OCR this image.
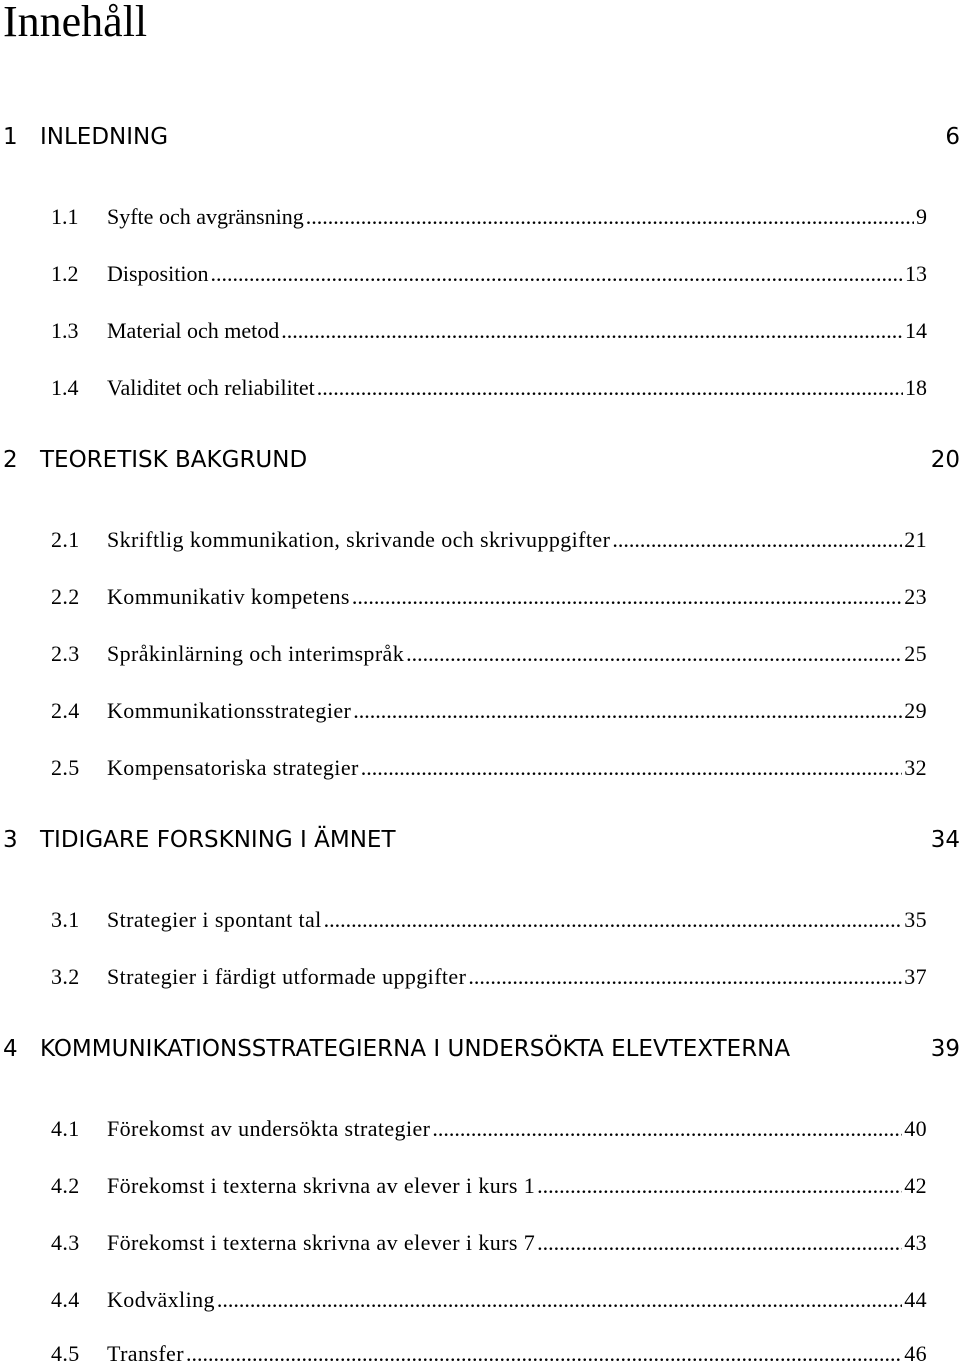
Innehåll
1 INLEDNING	6
1.1	Syfte och avgränsning .....	9
1.2	Disposition .....	13
1.3	Material och metod .....	14
1.4	Validitet och reliabilitet .....	18
2 TEORETISK BAKGRUND	20
2.1	Skriftlig kommunikation, skrivande och skrivuppgifter .....	21
2.2	Kommunikativ kompetens .....	23
2.3	Språkinlärning och interimspråk .....	25
2.4	Kommunikationsstrategier .....	29
2.5	Kompensatoriska strategier .....	32
3 TIDIGARE FORSKNING I ÄMNET	34
3.1	Strategier i spontant tal .....	35
3.2	Strategier i färdigt utformade uppgifter .....	37
4 KOMMUNIKATIONSSTRATEGIERNA I UNDERSÖKTA ELEVTEXTERNA	39
4.1	Förekomst av undersökta strategier .....	40
4.2	Förekomst i texterna skrivna av elever i kurs 1 .....	42
4.3	Förekomst i texterna skrivna av elever i kurs 7 .....	43
4.4	Kodväxling .....	44
4.5	Transfer .....	46
